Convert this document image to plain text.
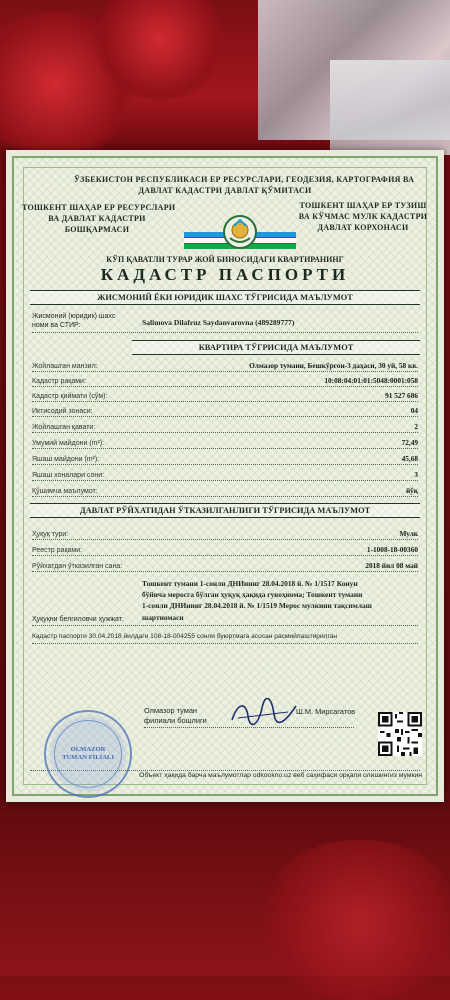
ЎЗБЕКИСТОН РЕСПУБЛИКАСИ ЕР РЕСУРСЛАРИ, ГЕОДЕЗИЯ, КАРТОГРАФИЯ ВА
ДАВЛАТ КАДАСТРИ ДАВЛАТ ҚЎМИТАСИ
ТОШКЕНТ ШАҲАР ЕР РЕСУРСЛАРИ
ВА ДАВЛАТ КАДАСТРИ
БОШҚАРМАСИ
ТОШКЕНТ ШАҲАР ЕР ТУЗИШ
ВА КЎЧМАС МУЛК КАДАСТРИ
ДАВЛАТ КОРХОНАСИ
КЎП ҚАВАТЛИ ТУРАР ЖОЙ БИНОСИДАГИ КВАРТИРАНИНГ
КАДАСТР ПАСПОРТИ
ЖИСМОНИЙ ЁКИ ЮРИДИК ШАХС ТЎГРИСИДА МАЪЛУМОТ
Жисмоний (юридик) шахс
номи ва СТИР:	Salimova Dilafruz Saydanvarovna (489289777)
КВАРТИРА ТЎГРИСИДА МАЪЛУМОТ
Жойлашган манзил:	Олмазор тумани, Бешкўргон-3 даҳаси, 30 уй, 58 кв.
Кадастр рақами:	10:08:04:01:01:5048:0001:058
Кадастр қиймати (сўм):	91 527 686
Иктисодий зонаси:	04
Жойлашган қавати:	2
Умумий майдони (m²):	72,49
Яшаш майдони (m²):	45,68
Яшаш хоналари сони:	3
Қўшимча маълумот:	йўқ
ДАВЛАТ РЎЙХАТИДАН ЎТКАЗИЛГАНЛИГИ ТЎГРИСИДА МАЪЛУМОТ
Ҳуқуқ тури:	Мулк
Реестр рақами:	1-1008-18-00360
Рўйхатдан ўтказилган сана:	2018 йил 08 май
Тошкент тумани 1-сонли ДНИнинг 28.04.2018 й. № 1/1517 Конун
бўйича меросга бўлган ҳуқуқ ҳақида гувоҳнома; Тошкент тумани
1-сонли ДНИнинг 28.04.2018 й. № 1/1519 Мерос мулкини тақсимлаш
Ҳуқуқни белгиловчи ҳужжат: шартномаси
Кадастр паспорти 30.04.2018 йилдаги 108-18-004255 сонли буюртмага асосан расмийлаштирилган
Олмазор туман
филиали бошлиги
Ш.М. Мирсагатов
Объект ҳақида барча маълумотлар odkookno.uz веб саҳифаси орқали олишингиз мумкин
OLMAZOR TUMAN FILIALI
